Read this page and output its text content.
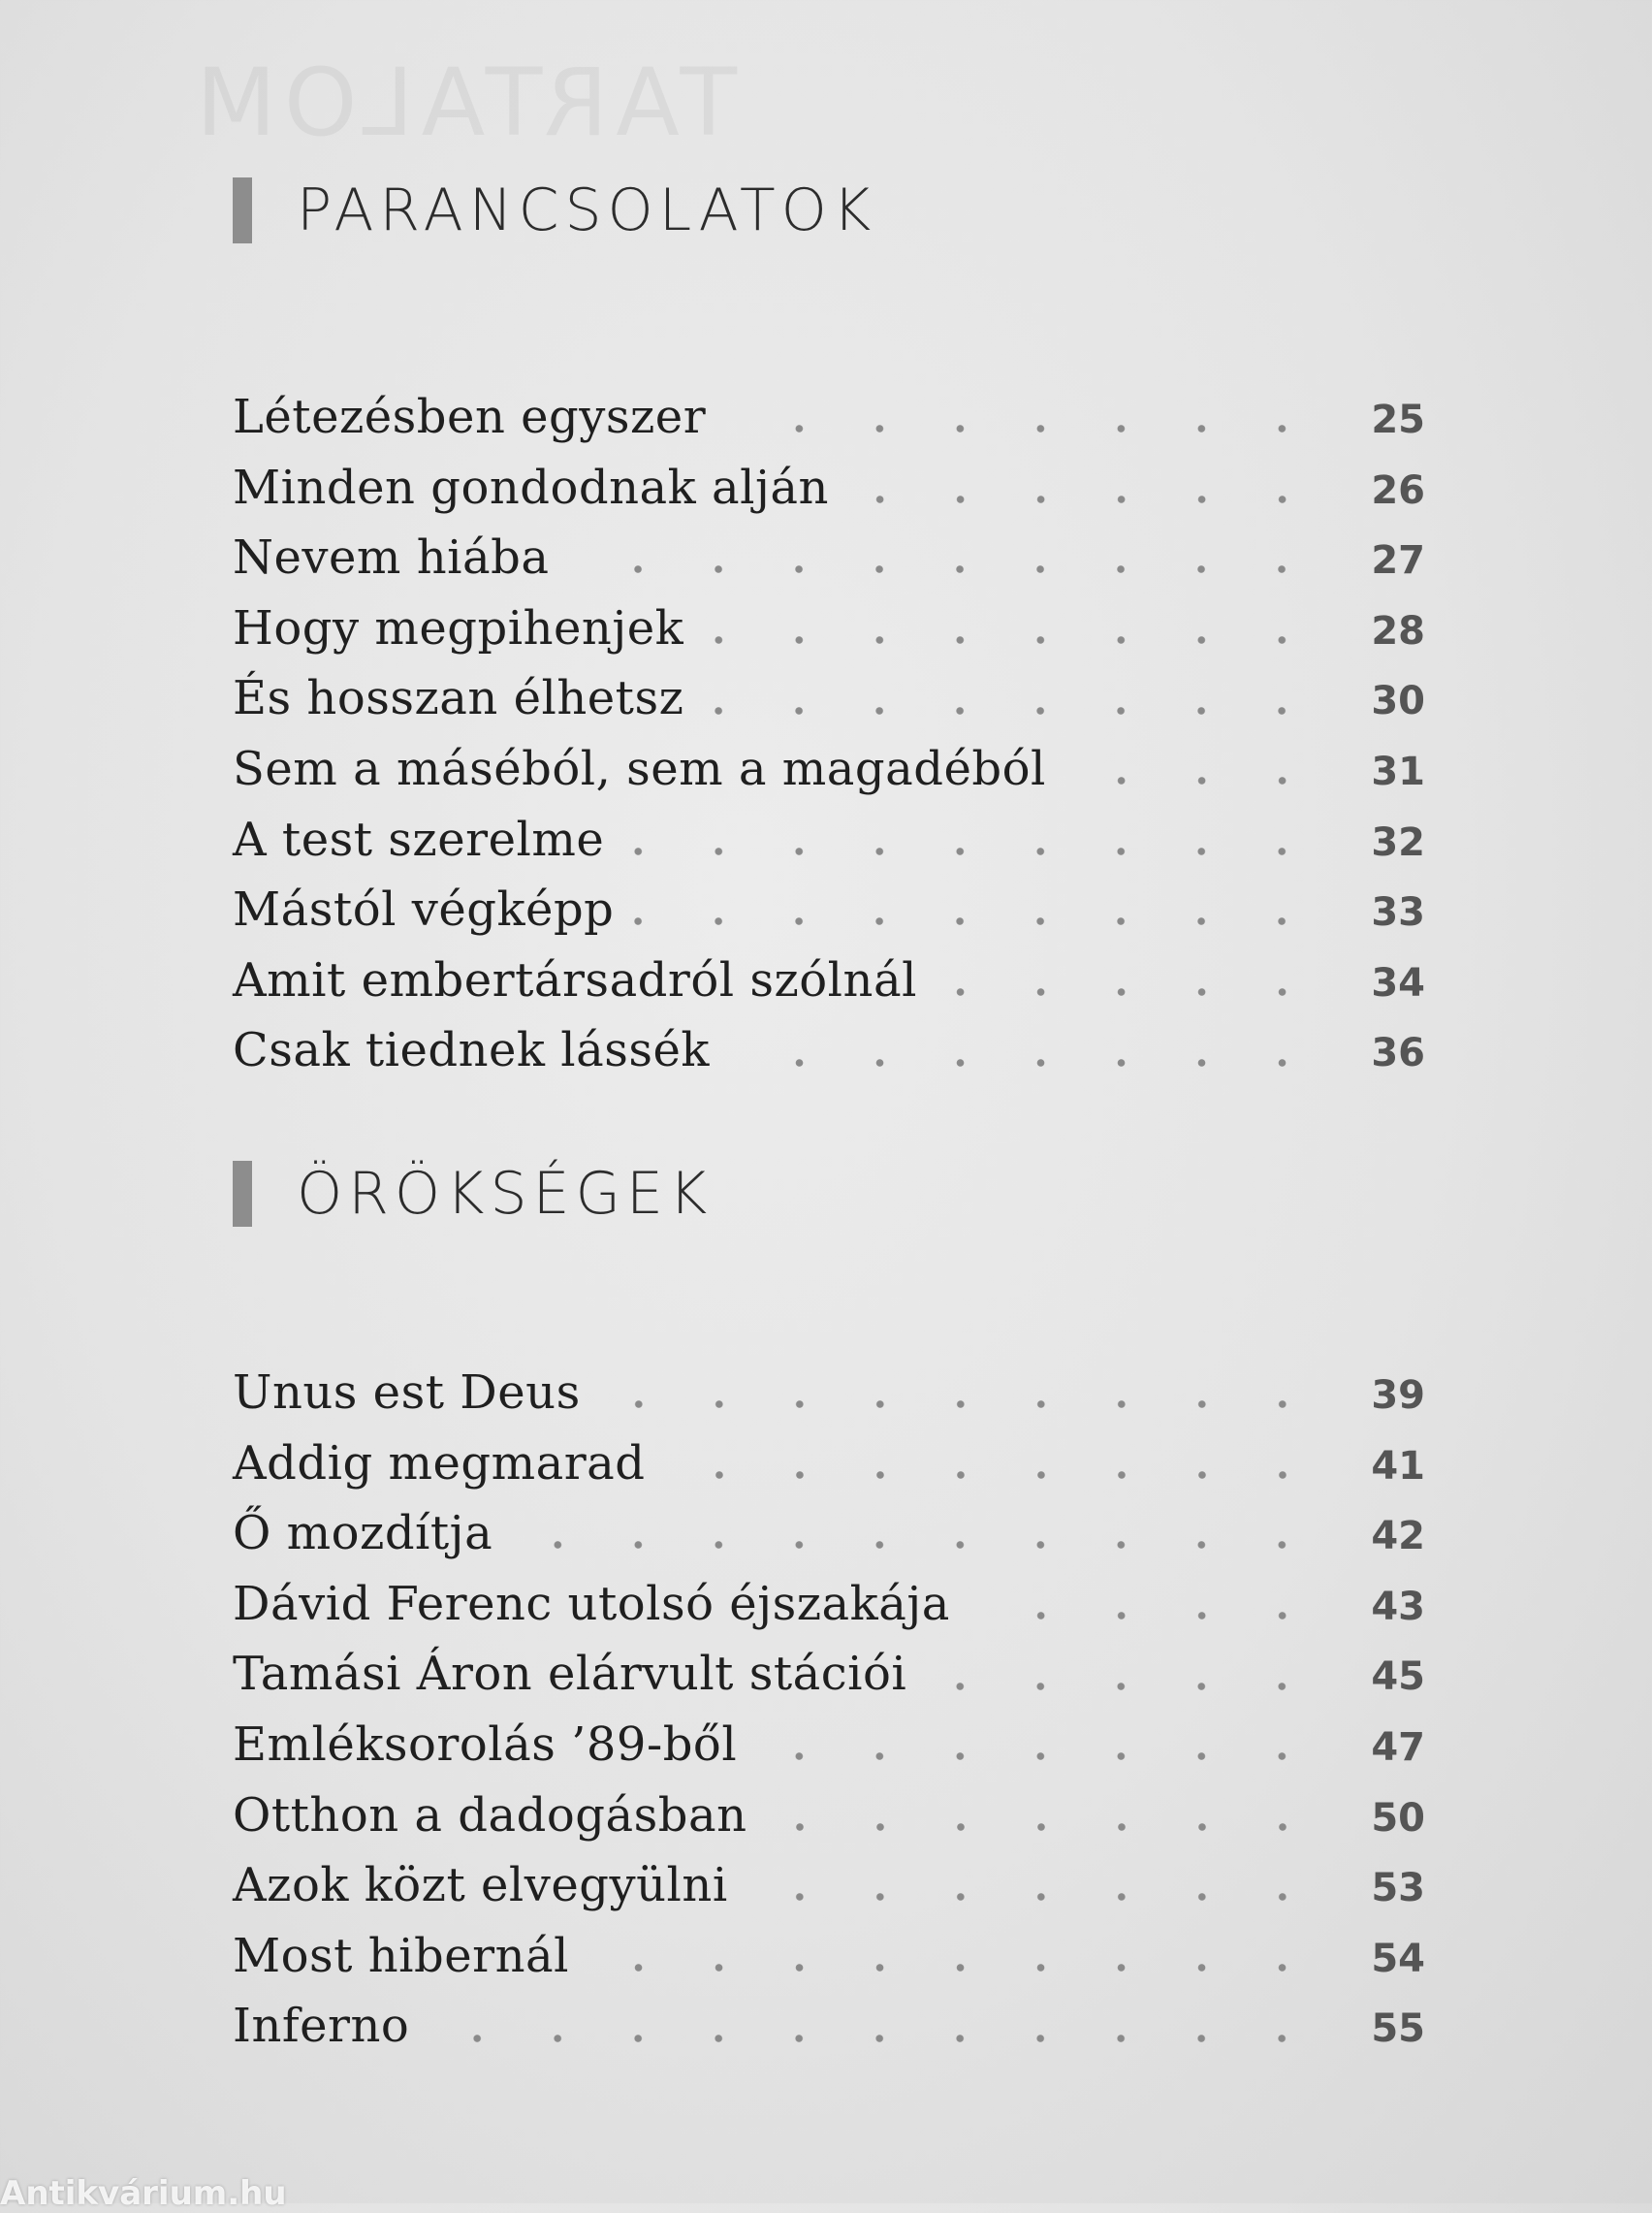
TARTALOM
PARANCSOLATOK
Létezésben egyszer	25
Minden gondodnak alján	26
Nevem hiába	27
Hogy megpihenjek	28
És hosszan élhetsz	30
Sem a máséból, sem a magadéból	31
A test szerelme	32
Mástól végképp	33
Amit embertársadról szólnál	34
Csak tiednek lássék	36
ÖRÖKSÉGEK
Unus est Deus	39
Addig megmarad	41
Ő mozdítja	42
Dávid Ferenc utolsó éjszakája	43
Tamási Áron elárvult stációi	45
Emléksorolás ’89-ből	47
Otthon a dadogásban	50
Azok közt elvegyülni	53
Most hibernál	54
Inferno	55
Antikvárium.hu
